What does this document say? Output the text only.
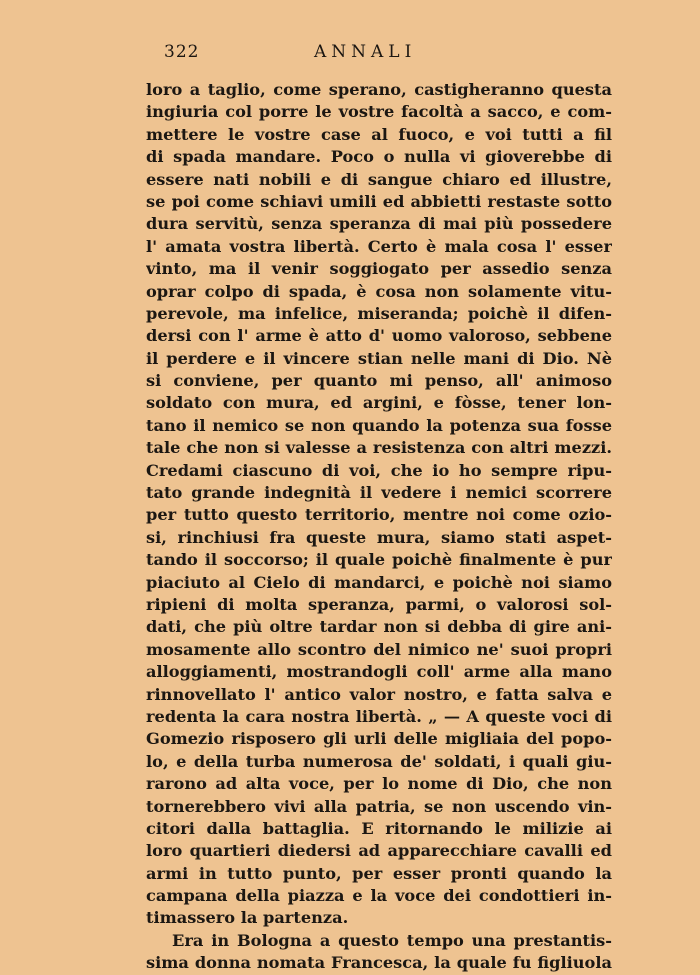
322	ANNALI
loro a taglio, come sperano, castigheranno questa
ingiuria col porre le vostre facoltà a sacco, e com-
mettere le vostre case al fuoco, e voi tutti a fil
di spada mandare. Poco o nulla vi gioverebbe di
essere nati nobili e di sangue chiaro ed illustre,
se poi come schiavi umili ed abbietti restaste sotto
dura servitù, senza speranza di mai più possedere
l' amata vostra libertà. Certo è mala cosa l' esser
vinto, ma il venir soggiogato per assedio senza
oprar colpo di spada, è cosa non solamente vitu-
perevole, ma infelice, miseranda; poichè il difen-
dersi con l' arme è atto d' uomo valoroso, sebbene
il perdere e il vincere stian nelle mani di Dio. Nè
si conviene, per quanto mi penso, all' animoso
soldato con mura, ed argini, e fòsse, tener lon-
tano il nemico se non quando la potenza sua fosse
tale che non si valesse a resistenza con altri mezzi.
Credami ciascuno di voi, che io ho sempre ripu-
tato grande indegnità il vedere i nemici scorrere
per tutto questo territorio, mentre noi come ozio-
si, rinchiusi fra queste mura, siamo stati aspet-
tando il soccorso; il quale poichè finalmente è pur
piaciuto al Cielo di mandarci, e poichè noi siamo
ripieni di molta speranza, parmi, o valorosi sol-
dati, che più oltre tardar non si debba di gire ani-
mosamente allo scontro del nimico ne' suoi propri
alloggiamenti, mostrandogli coll' arme alla mano
rinnovellato l' antico valor nostro, e fatta salva e
redenta la cara nostra libertà. „ — A queste voci di
Gomezio risposero gli urli delle migliaia del popo-
lo, e della turba numerosa de' soldati, i quali giu-
rarono ad alta voce, per lo nome di Dio, che non
tornerebbero vivi alla patria, se non uscendo vin-
citori dalla battaglia. E ritornando le milizie ai
loro quartieri diedersi ad apparecchiare cavalli ed
armi in tutto punto, per esser pronti quando la
campana della piazza e la voce dei condottieri in-
timassero la partenza.
Era in Bologna a questo tempo una prestantis-
sima donna nomata Francesca, la quale fu figliuola
